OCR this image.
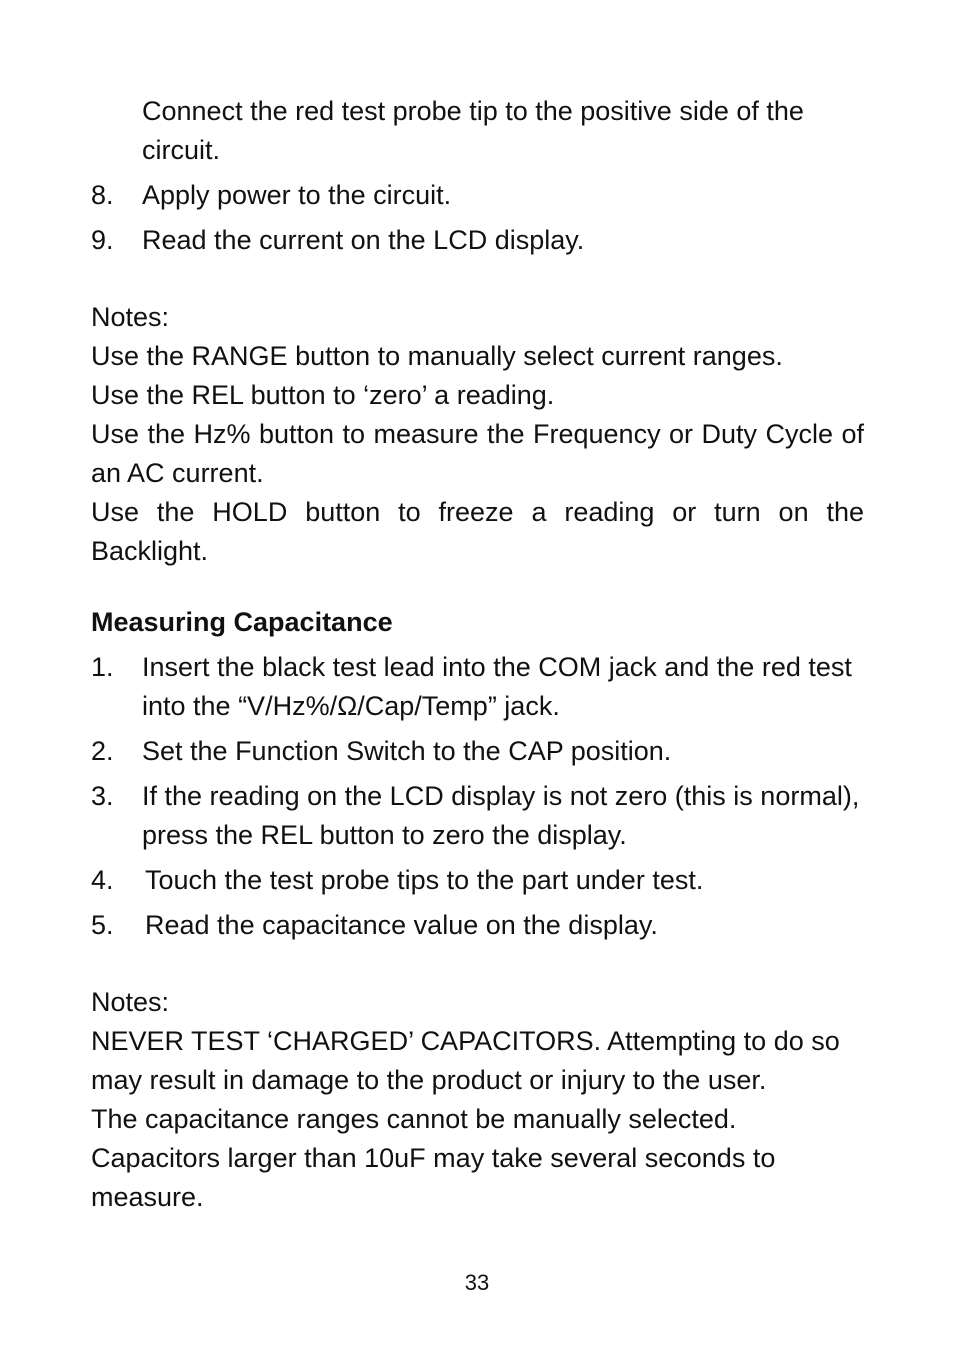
Connect the red test probe tip to the positive side of the circuit.
8.	Apply power to the circuit.
9.	Read the current on the LCD display.

Notes:

Use the RANGE button to manually select current ranges.

Use the REL button to ‘zero’ a reading.

Use the Hz% button to measure the Frequency or Duty Cycle of an AC current.

Use the HOLD button to freeze a reading or turn on the Backlight.

Measuring Capacitance

1.	Insert the black test lead into the COM jack and the red test into the “V/Hz%/Ω/Cap/Temp” jack.
2.	Set the Function Switch to the CAP position.
3.	If the reading on the LCD display is not zero (this is normal), press the REL button to zero the display.
4.	Touch the test probe tips to the part under test.
5.	Read the capacitance value on the display.

Notes:

NEVER TEST ‘CHARGED’ CAPACITORS. Attempting to do so may result in damage to the product or injury to the user.

The capacitance ranges cannot be manually selected.

Capacitors larger than 10uF may take several seconds to measure.

33
